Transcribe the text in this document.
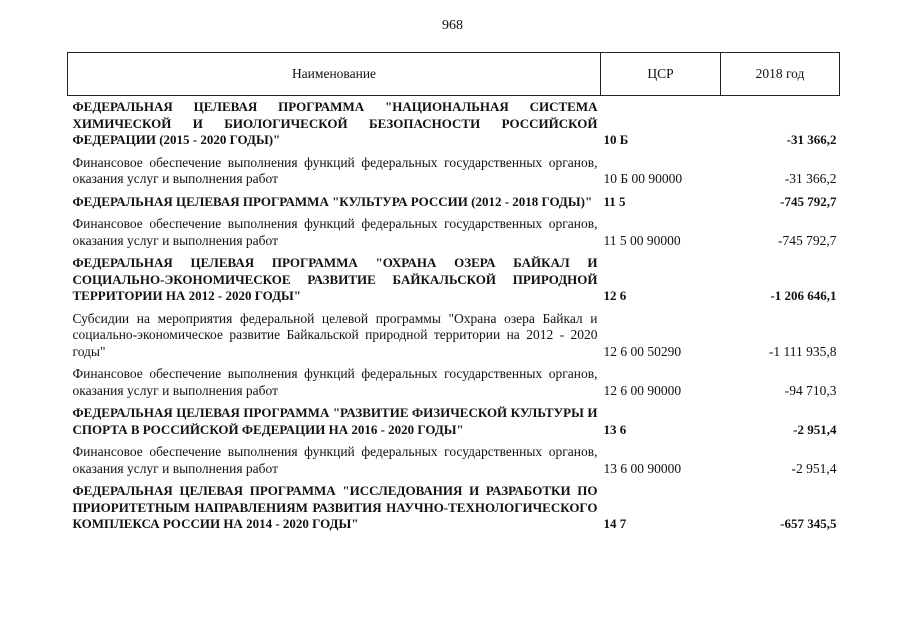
968
Наименование	ЦСР	2018 год
ФЕДЕРАЛЬНАЯ ЦЕЛЕВАЯ ПРОГРАММА "НАЦИОНАЛЬНАЯ СИСТЕМА ХИМИЧЕСКОЙ И БИОЛОГИЧЕСКОЙ БЕЗОПАСНОСТИ РОССИЙСКОЙ ФЕДЕРАЦИИ (2015 - 2020 ГОДЫ)"	10 Б	-31 366,2
Финансовое обеспечение выполнения функций федеральных государственных органов, оказания услуг и выполнения работ	10 Б 00 90000	-31 366,2
ФЕДЕРАЛЬНАЯ ЦЕЛЕВАЯ ПРОГРАММА "КУЛЬТУРА РОССИИ (2012 - 2018 ГОДЫ)"	11 5	-745 792,7
Финансовое обеспечение выполнения функций федеральных государственных органов, оказания услуг и выполнения работ	11 5 00 90000	-745 792,7
ФЕДЕРАЛЬНАЯ ЦЕЛЕВАЯ ПРОГРАММА "ОХРАНА ОЗЕРА БАЙКАЛ И СОЦИАЛЬНО-ЭКОНОМИЧЕСКОЕ РАЗВИТИЕ БАЙКАЛЬСКОЙ ПРИРОДНОЙ ТЕРРИТОРИИ НА 2012 - 2020 ГОДЫ"	12 6	-1 206 646,1
Субсидии на мероприятия федеральной целевой программы "Охрана озера Байкал и социально-экономическое развитие Байкальской природной территории на 2012 - 2020 годы"	12 6 00 50290	-1 111 935,8
Финансовое обеспечение выполнения функций федеральных государственных органов, оказания услуг и выполнения работ	12 6 00 90000	-94 710,3
ФЕДЕРАЛЬНАЯ ЦЕЛЕВАЯ ПРОГРАММА "РАЗВИТИЕ ФИЗИЧЕСКОЙ КУЛЬТУРЫ И СПОРТА В РОССИЙСКОЙ ФЕДЕРАЦИИ НА 2016 - 2020 ГОДЫ"	13 6	-2 951,4
Финансовое обеспечение выполнения функций федеральных государственных органов, оказания услуг и выполнения работ	13 6 00 90000	-2 951,4
ФЕДЕРАЛЬНАЯ ЦЕЛЕВАЯ ПРОГРАММА "ИССЛЕДОВАНИЯ И РАЗРАБОТКИ ПО ПРИОРИТЕТНЫМ НАПРАВЛЕНИЯМ РАЗВИТИЯ НАУЧНО-ТЕХНОЛОГИЧЕСКОГО КОМПЛЕКСА РОССИИ НА 2014 - 2020 ГОДЫ"	14 7	-657 345,5
